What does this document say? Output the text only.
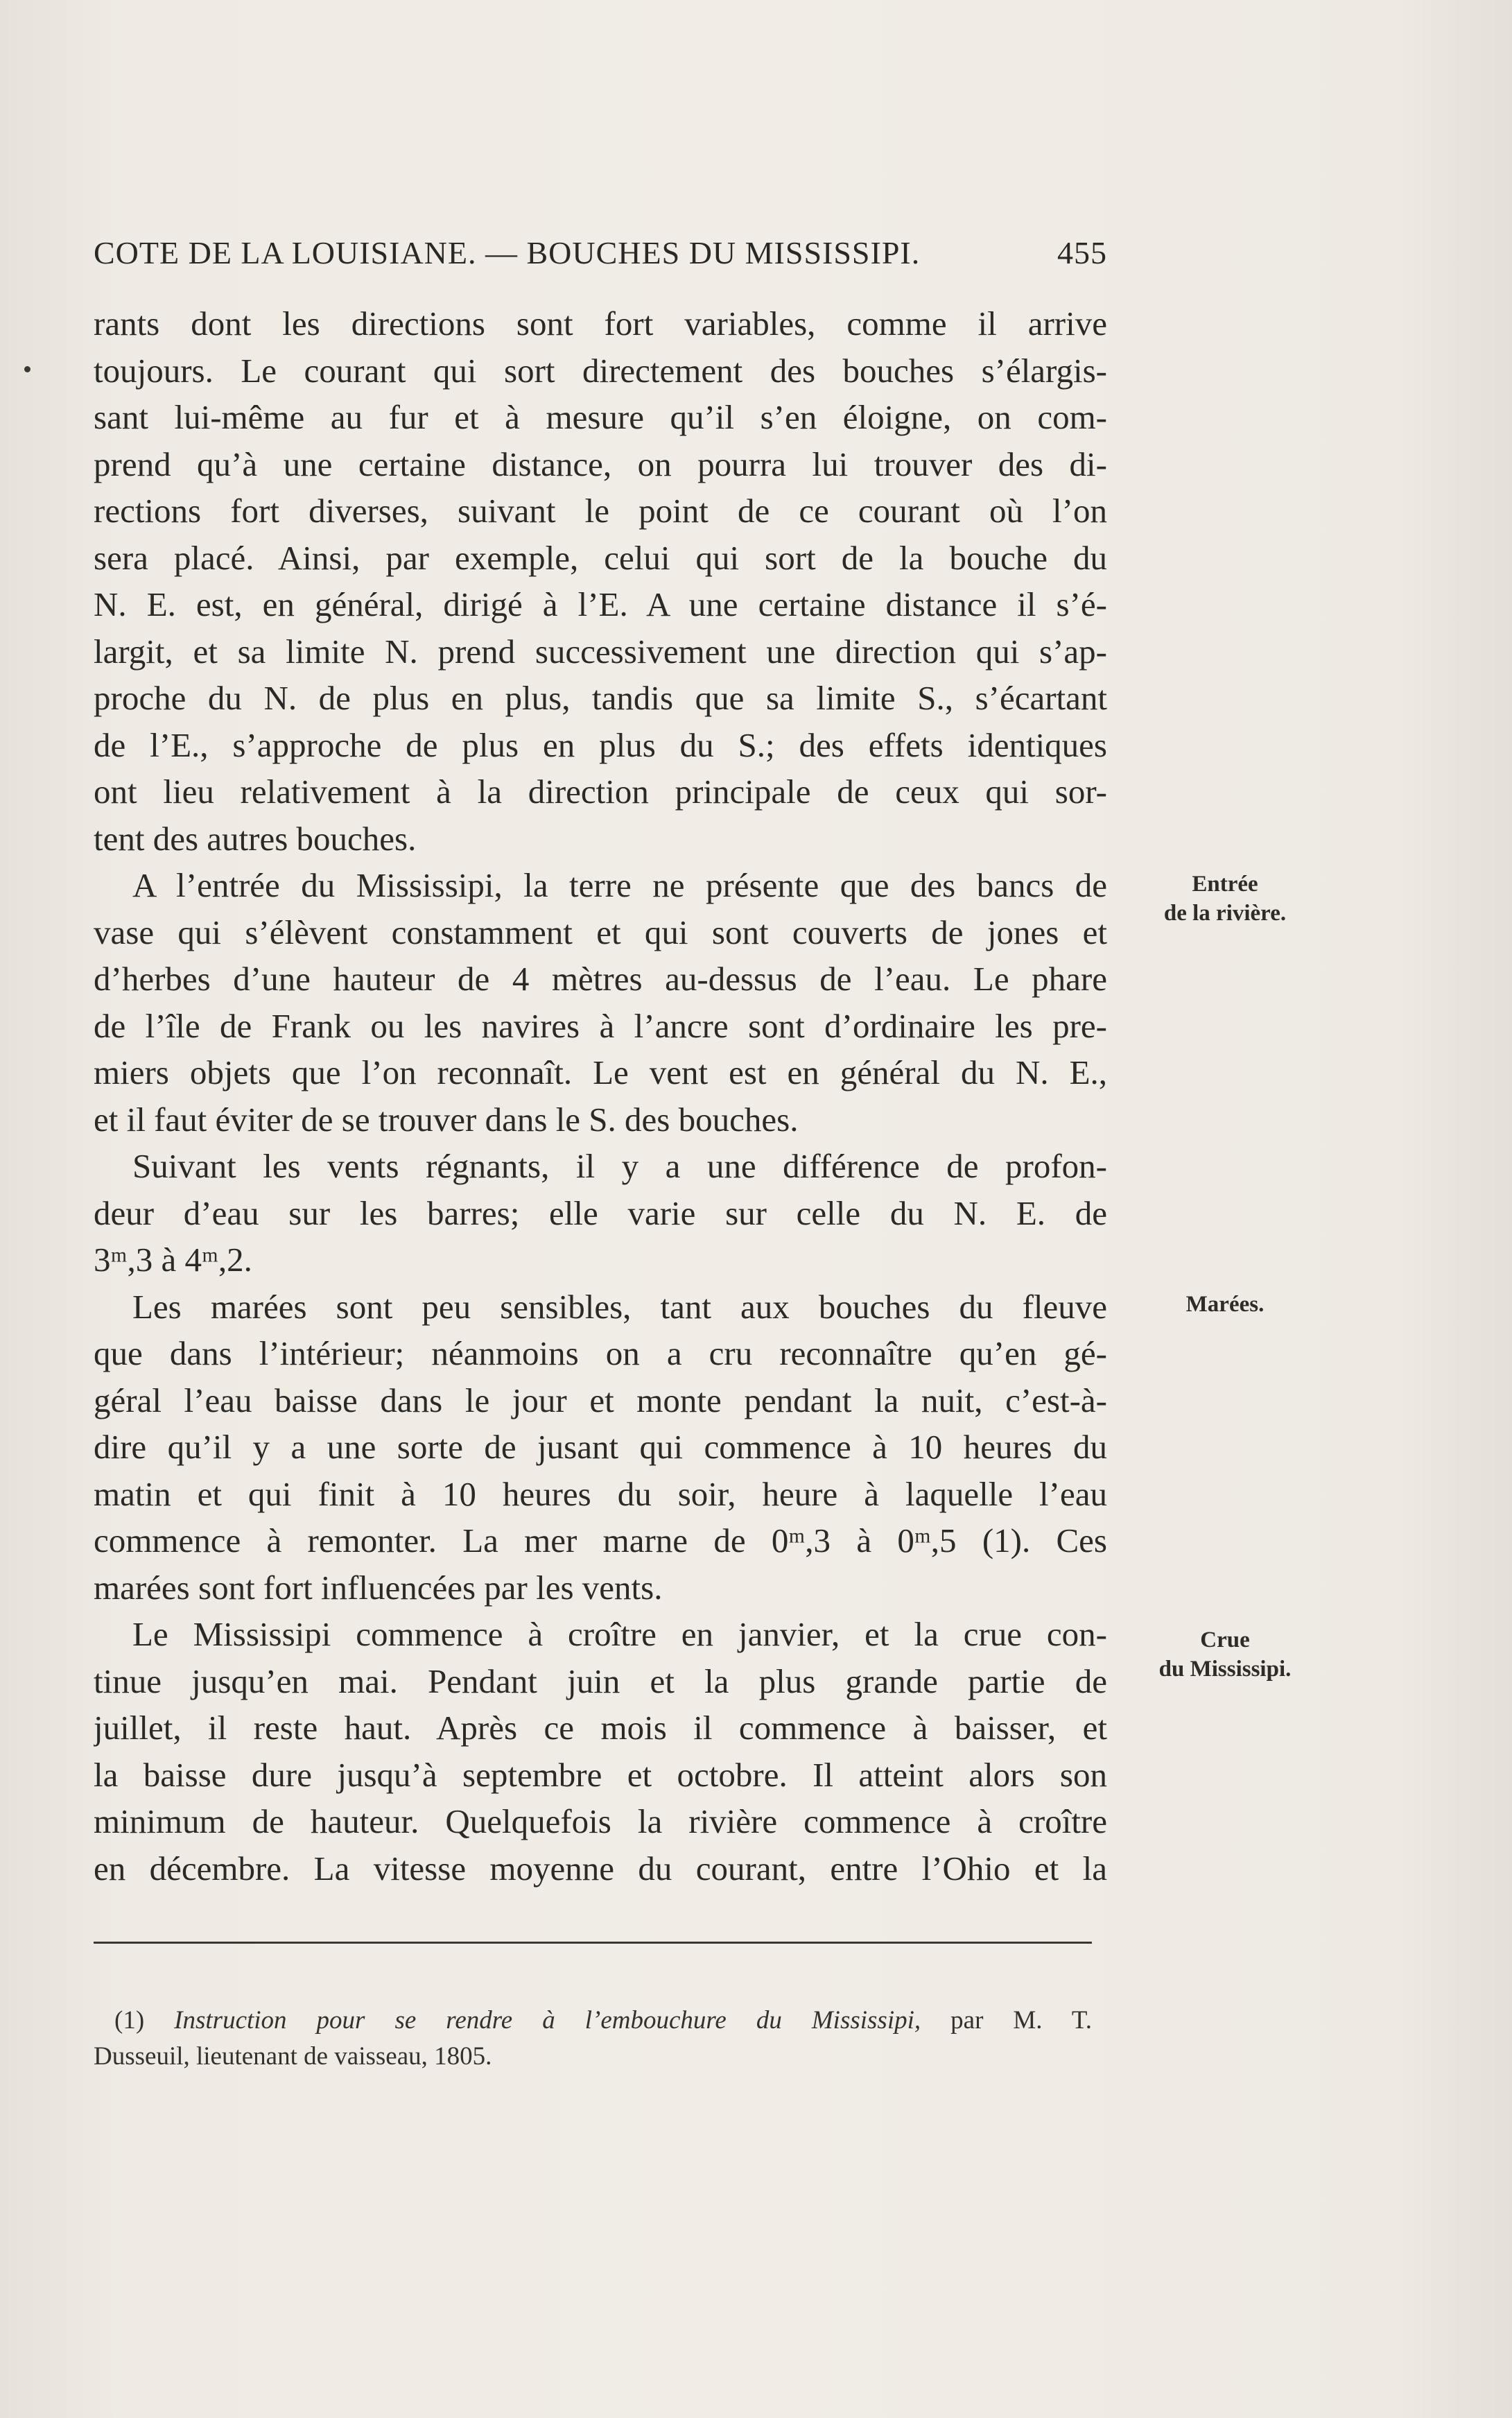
COTE DE LA LOUISIANE. — BOUCHES DU MISSISSIPI.	455
rants dont les directions sont fort variables, comme il arrive
toujours. Le courant qui sort directement des bouches s’élargis-
sant lui-même au fur et à mesure qu’il s’en éloigne, on com-
prend qu’à une certaine distance, on pourra lui trouver des di-
rections fort diverses, suivant le point de ce courant où l’on
sera placé. Ainsi, par exemple, celui qui sort de la bouche du
N. E. est, en général, dirigé à l’E. A une certaine distance il s’é-
largit, et sa limite N. prend successivement une direction qui s’ap-
proche du N. de plus en plus, tandis que sa limite S., s’écartant
de l’E., s’approche de plus en plus du S.; des effets identiques
ont lieu relativement à la direction principale de ceux qui sor-
tent des autres bouches.
A l’entrée du Mississipi, la terre ne présente que des bancs de
vase qui s’élèvent constamment et qui sont couverts de jones et
d’herbes d’une hauteur de 4 mètres au-dessus de l’eau. Le phare
de l’île de Frank ou les navires à l’ancre sont d’ordinaire les pre-
miers objets que l’on reconnaît. Le vent est en général du N. E.,
et il faut éviter de se trouver dans le S. des bouches.
Suivant les vents régnants, il y a une différence de profon-
deur d’eau sur les barres; elle varie sur celle du N. E. de
3ᵐ,3 à 4ᵐ,2.
Les marées sont peu sensibles, tant aux bouches du fleuve
que dans l’intérieur; néanmoins on a cru reconnaître qu’en gé-
géral l’eau baisse dans le jour et monte pendant la nuit, c’est-à-
dire qu’il y a une sorte de jusant qui commence à 10 heures du
matin et qui finit à 10 heures du soir, heure à laquelle l’eau
commence à remonter. La mer marne de 0ᵐ,3 à 0ᵐ,5 (1). Ces
marées sont fort influencées par les vents.
Le Mississipi commence à croître en janvier, et la crue con-
tinue jusqu’en mai. Pendant juin et la plus grande partie de
juillet, il reste haut. Après ce mois il commence à baisser, et
la baisse dure jusqu’à septembre et octobre. Il atteint alors son
minimum de hauteur. Quelquefois la rivière commence à croître
en décembre. La vitesse moyenne du courant, entre l’Ohio et la
Entrée
de la rivière.
Marées.
Crue
du Mississipi.
(1) Instruction pour se rendre à l’embouchure du Mississipi, par M. T.
Dusseuil, lieutenant de vaisseau, 1805.
